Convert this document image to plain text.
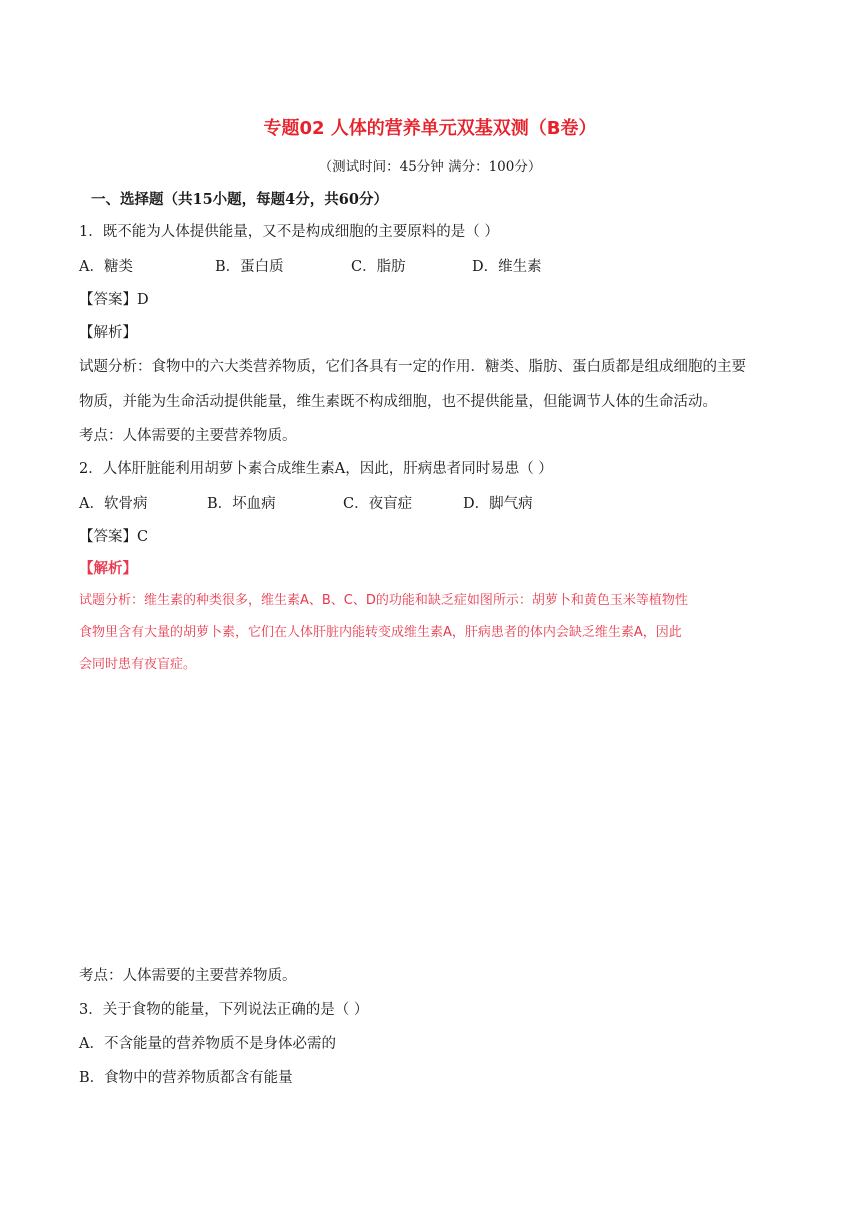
专题02 人体的营养单元双基双测（B卷）
（测试时间：45分钟 满分：100分）
一、选择题（共15小题，每题4分，共60分）
1．既不能为人体提供能量，又不是构成细胞的主要原料的是（ ）
A．糖类	B．蛋白质	C．脂肪	D．维生素
【答案】D
【解析】
试题分析：食物中的六大类营养物质，它们各具有一定的作用．糖类、脂肪、蛋白质都是组成细胞的主要
物质，并能为生命活动提供能量，维生素既不构成细胞，也不提供能量，但能调节人体的生命活动。
考点：人体需要的主要营养物质。
2．人体肝脏能利用胡萝卜素合成维生素A，因此，肝病患者同时易患（ ）
A．软骨病	B．坏血病	C．夜盲症	D．脚气病
【答案】C
【解析】
试题分析：维生素的种类很多，维生素A、B、C、D的功能和缺乏症如图所示：胡萝卜和黄色玉米等植物性
食物里含有大量的胡萝卜素，它们在人体肝脏内能转变成维生素A，肝病患者的体内会缺乏维生素A，因此
会同时患有夜盲症。
考点：人体需要的主要营养物质。
3．关于食物的能量，下列说法正确的是（ ）
A．不含能量的营养物质不是身体必需的
B．食物中的营养物质都含有能量
